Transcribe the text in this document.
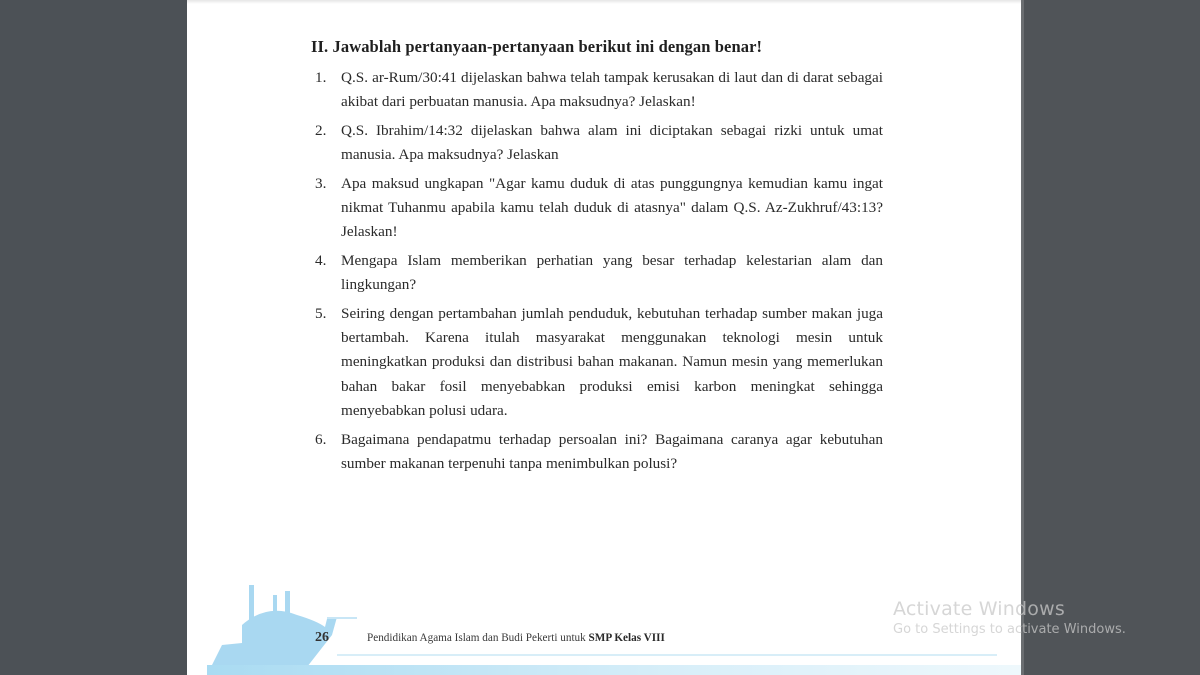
II. Jawablah pertanyaan-pertanyaan berikut ini dengan benar!
1. Q.S. ar-Rum/30:41 dijelaskan bahwa telah tampak kerusakan di laut dan di darat sebagai akibat dari perbuatan manusia. Apa maksudnya? Jelaskan!
2. Q.S. Ibrahim/14:32 dijelaskan bahwa alam ini diciptakan sebagai rizki untuk umat manusia. Apa maksudnya? Jelaskan
3. Apa maksud ungkapan "Agar kamu duduk di atas punggungnya kemudian kamu ingat nikmat Tuhanmu apabila kamu telah duduk di atasnya" dalam Q.S. Az-Zukhruf/43:13? Jelaskan!
4. Mengapa Islam memberikan perhatian yang besar terhadap kelestarian alam dan lingkungan?
5. Seiring dengan pertambahan jumlah penduduk, kebutuhan terhadap sumber makan juga bertambah. Karena itulah masyarakat menggunakan teknologi mesin untuk meningkatkan produksi dan distribusi bahan makanan. Namun mesin yang memerlukan bahan bakar fosil menyebabkan produksi emisi karbon meningkat sehingga menyebabkan polusi udara.
6. Bagaimana pendapatmu terhadap persoalan ini? Bagaimana caranya agar kebutuhan sumber makanan terpenuhi tanpa menimbulkan polusi?
26	Pendidikan Agama Islam dan Budi Pekerti untuk SMP Kelas VIII
Activate Windows
Go to Settings to activate Windows.
